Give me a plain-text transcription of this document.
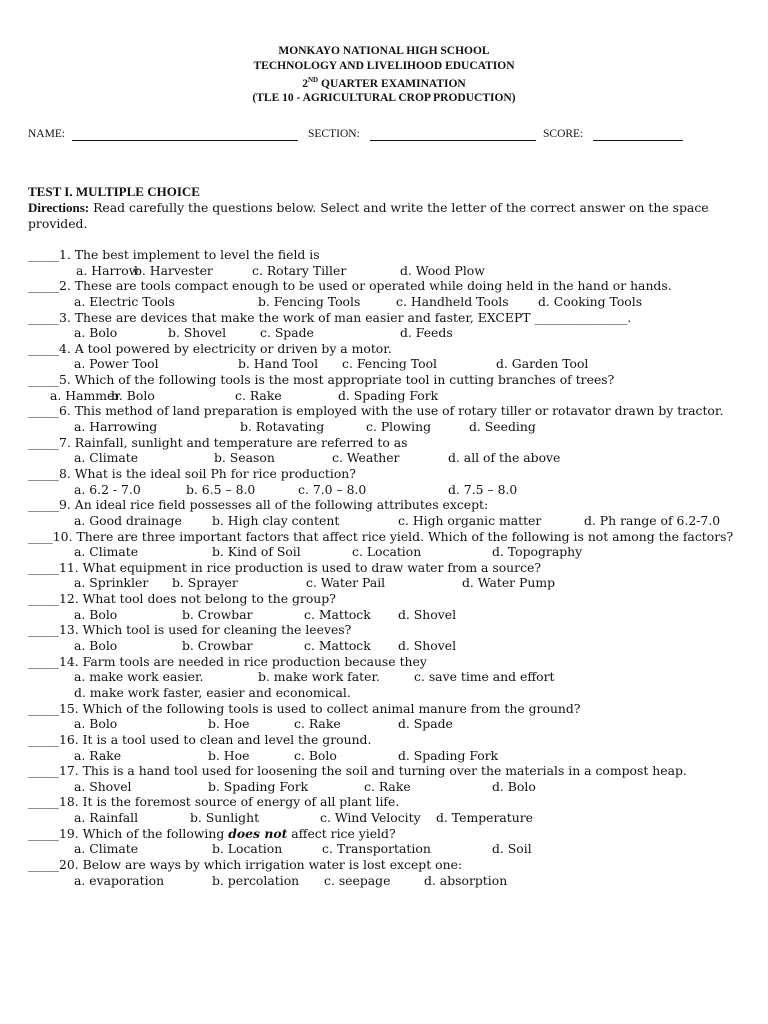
MONKAYO NATIONAL HIGH SCHOOL
TECHNOLOGY AND LIVELIHOOD EDUCATION
2ND QUARTER EXAMINATION
(TLE 10 - AGRICULTURAL CROP PRODUCTION)
NAME:	SECTION:	SCORE:
TEST I. MULTIPLE CHOICE
Directions: Read carefully the questions below. Select and write the letter of the correct answer on the space provided.
_____1. The best implement to level the field is
a. Harrow
b. Harvester	c. Rotary Tiller	d. Wood Plow
_____2. These are tools compact enough to be used or operated while doing held in the hand or hands.
a. Electric Tools	b. Fencing Tools	c. Handheld Tools d. Cooking Tools
_____3. These are devices that make the work of man easier and faster, EXCEPT _______________.
a. Bolo	b. Shovel	c. Spade	d. Feeds
_____4. A tool powered by electricity or driven by a motor.
a. Power Tool	b. Hand Tool c. Fencing Tool	d. Garden Tool
_____5. Which of the following tools is the most appropriate tool in cutting branches of trees?
a. Hammer
b. Bolo	c. Rake	d. Spading Fork
_____6. This method of land preparation is employed with the use of rotary tiller or rotavator drawn by tractor.
a. Harrowing	b. Rotavating	c. Plowing	d. Seeding
_____7. Rainfall, sunlight and temperature are referred to as
a. Climate	b. Season	c. Weather	d. all of the above
_____8. What is the ideal soil Ph for rice production?
a. 6.2 - 7.0	b. 6.5 – 8.0	c. 7.0 – 8.0	d. 7.5 – 8.0
_____9. An ideal rice field possesses all of the following attributes except:
a. Good drainage b. High clay content	c. High organic matter	d. Ph range of 6.2-7.0
____10. There are three important factors that affect rice yield. Which of the following is not among the factors?
a. Climate	b. Kind of Soil	c. Location	d. Topography
_____11. What equipment in rice production is used to draw water from a source?
a. Sprinkler b. Sprayer	c. Water Pail	d. Water Pump
_____12. What tool does not belong to the group?
a. Bolo	b. Crowbar	c. Mattock d. Shovel
_____13. Which tool is used for cleaning the leeves?
a. Bolo	b. Crowbar	c. Mattock d. Shovel
_____14. Farm tools are needed in rice production because they
a. make work easier.	b. make work fater.	c. save time and effort
d. make work faster, easier and economical.
_____15. Which of the following tools is used to collect animal manure from the ground?
a. Bolo	b. Hoe	c. Rake	d. Spade
_____16. It is a tool used to clean and level the ground.
a. Rake	b. Hoe	c. Bolo	d. Spading Fork
_____17. This is a hand tool used for loosening the soil and turning over the materials in a compost heap.
a. Shovel	b. Spading Fork	c. Rake	d. Bolo
_____18. It is the foremost source of energy of all plant life.
a. Rainfall	b. Sunlight	c. Wind Velocity d. Temperature
_____19. Which of the following does not affect rice yield?
a. Climate	b. Location	c. Transportation	d. Soil
_____20. Below are ways by which irrigation water is lost except one:
a. evaporation	b. percolation c. seepage	d. absorption
